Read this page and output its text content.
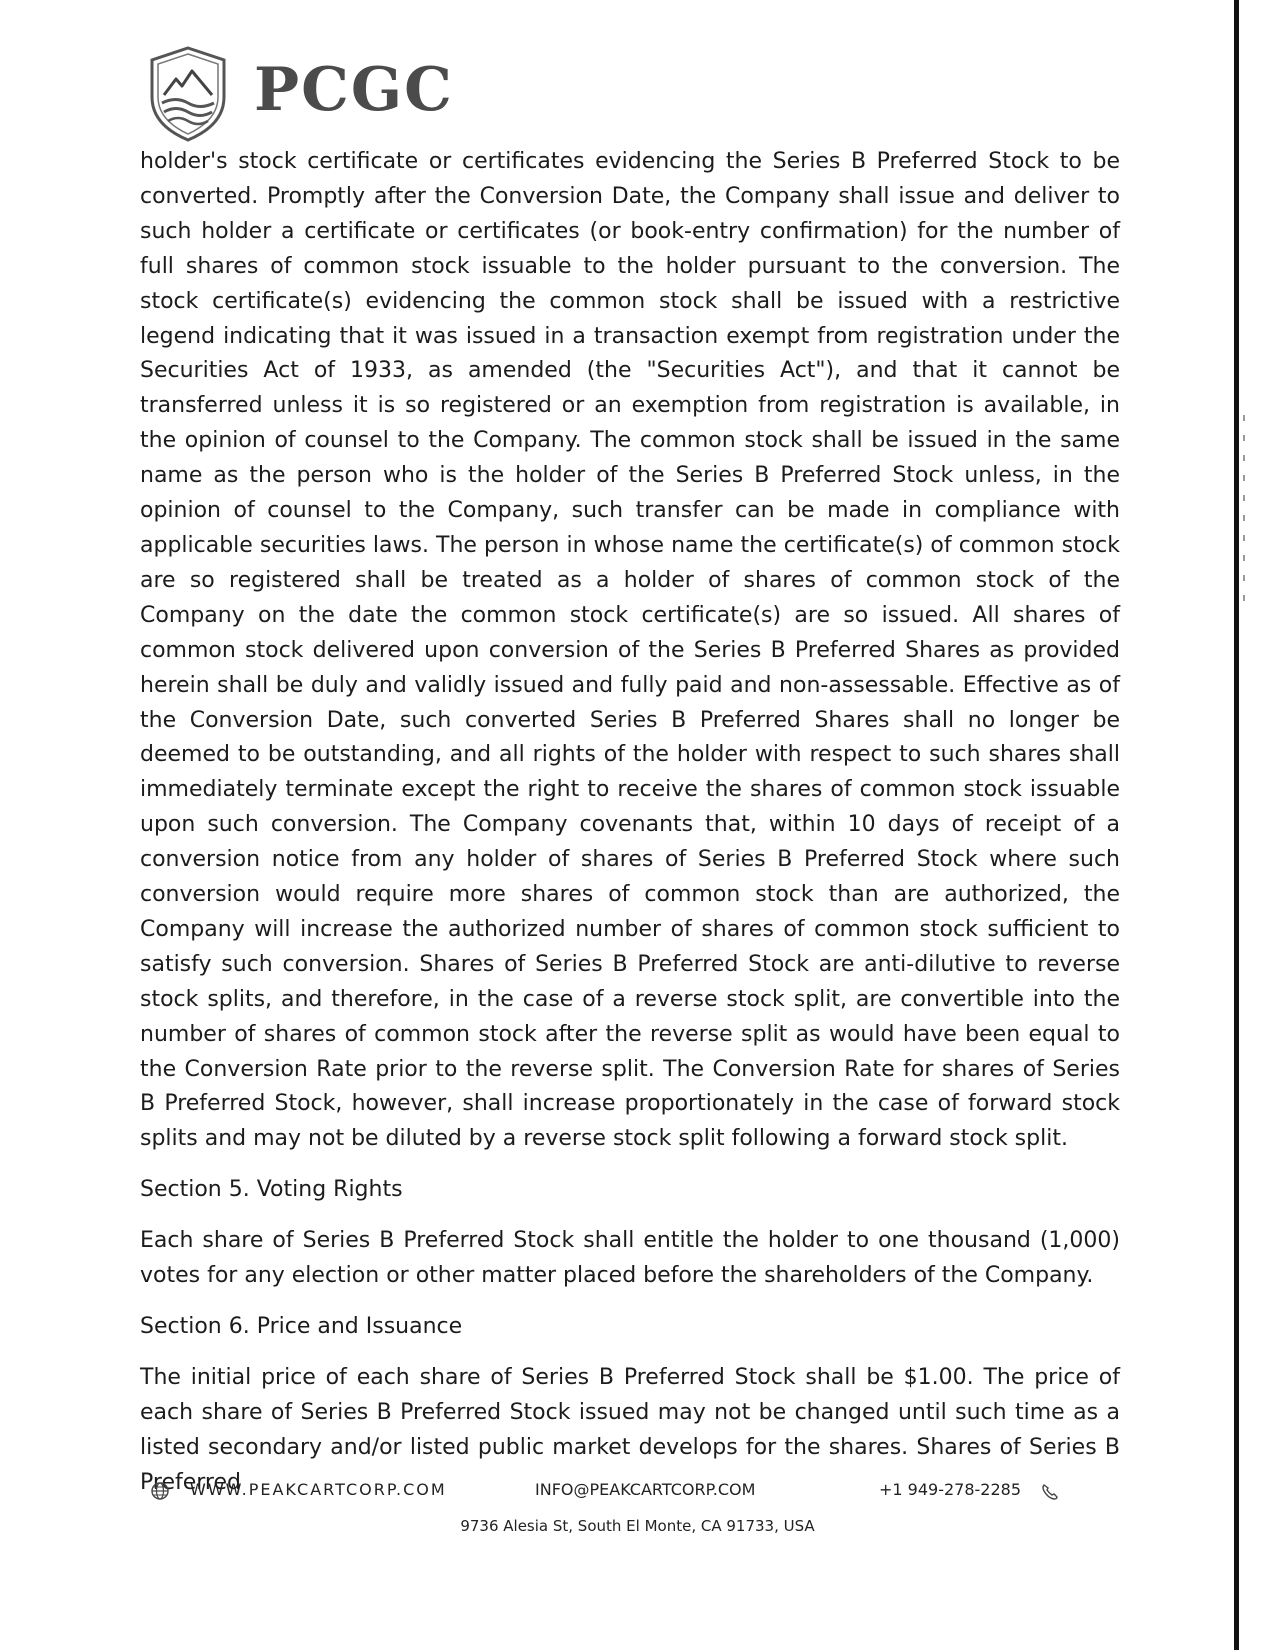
PCGC

holder's stock certificate or certificates evidencing the Series B Preferred Stock to be converted. Promptly after the Conversion Date, the Company shall issue and deliver to such holder a certificate or certificates (or book-entry confirmation) for the number of full shares of common stock issuable to the holder pursuant to the conversion. The stock certificate(s) evidencing the common stock shall be issued with a restrictive legend indicating that it was issued in a transaction exempt from registration under the Securities Act of 1933, as amended (the "Securities Act"), and that it cannot be transferred unless it is so registered or an exemption from registration is available, in the opinion of counsel to the Company. The common stock shall be issued in the same name as the person who is the holder of the Series B Preferred Stock unless, in the opinion of counsel to the Company, such transfer can be made in compliance with applicable securities laws. The person in whose name the certificate(s) of common stock are so registered shall be treated as a holder of shares of common stock of the Company on the date the common stock certificate(s) are so issued. All shares of common stock delivered upon conversion of the Series B Preferred Shares as provided herein shall be duly and validly issued and fully paid and non-assessable. Effective as of the Conversion Date, such converted Series B Preferred Shares shall no longer be deemed to be outstanding, and all rights of the holder with respect to such shares shall immediately terminate except the right to receive the shares of common stock issuable upon such conversion. The Company covenants that, within 10 days of receipt of a conversion notice from any holder of shares of Series B Preferred Stock where such conversion would require more shares of common stock than are authorized, the Company will increase the authorized number of shares of common stock sufficient to satisfy such conversion. Shares of Series B Preferred Stock are anti-dilutive to reverse stock splits, and therefore, in the case of a reverse stock split, are convertible into the number of shares of common stock after the reverse split as would have been equal to the Conversion Rate prior to the reverse split. The Conversion Rate for shares of Series B Preferred Stock, however, shall increase proportionately in the case of forward stock splits and may not be diluted by a reverse stock split following a forward stock split.

Section 5. Voting Rights

Each share of Series B Preferred Stock shall entitle the holder to one thousand (1,000) votes for any election or other matter placed before the shareholders of the Company.

Section 6. Price and Issuance

The initial price of each share of Series B Preferred Stock shall be $1.00. The price of each share of Series B Preferred Stock issued may not be changed until such time as a listed secondary and/or listed public market develops for the shares. Shares of Series B Preferred

WWW.PEAKCARTCORP.COM	INFO@PEAKCARTCORP.COM	+1 949-278-2285
9736 Alesia St, South El Monte, CA 91733, USA
